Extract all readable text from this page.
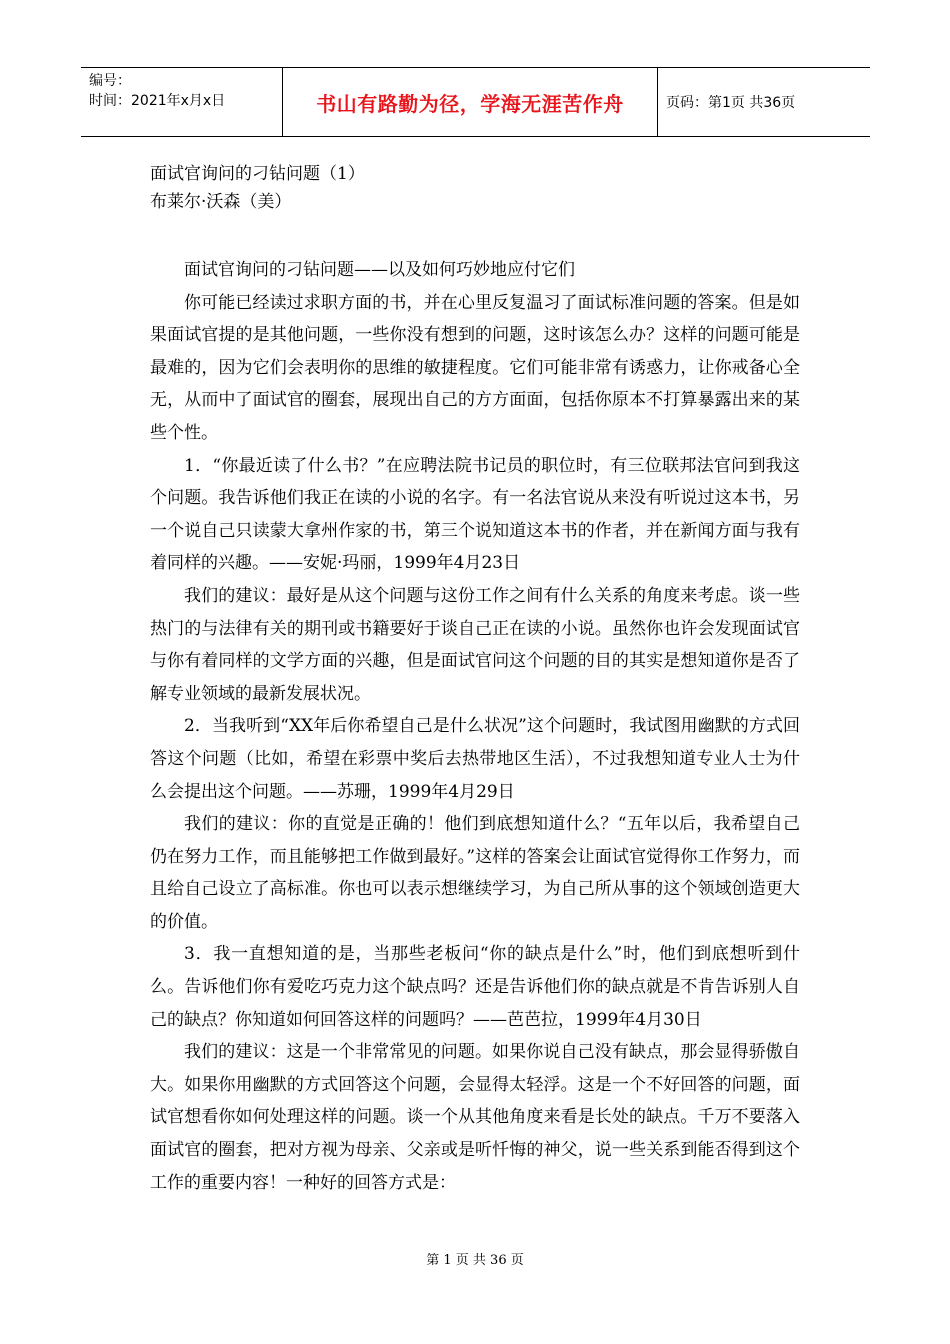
编号：
时间：2021年x月x日	书山有路勤为径，学海无涯苦作舟	页码：第1页 共36页

面试官询问的刁钻问题（1）

布莱尔·沃森（美）

面试官询问的刁钻问题——以及如何巧妙地应付它们

你可能已经读过求职方面的书，并在心里反复温习了面试标准问题的答案。但是如果面试官提的是其他问题，一些你没有想到的问题，这时该怎么办？这样的问题可能是最难的，因为它们会表明你的思维的敏捷程度。它们可能非常有诱惑力，让你戒备心全无，从而中了面试官的圈套，展现出自己的方方面面，包括你原本不打算暴露出来的某些个性。

1．“你最近读了什么书？”在应聘法院书记员的职位时，有三位联邦法官问到我这个问题。我告诉他们我正在读的小说的名字。有一名法官说从来没有听说过这本书，另一个说自己只读蒙大拿州作家的书，第三个说知道这本书的作者，并在新闻方面与我有着同样的兴趣。——安妮·玛丽，1999年4月23日

我们的建议：最好是从这个问题与这份工作之间有什么关系的角度来考虑。谈一些热门的与法律有关的期刊或书籍要好于谈自己正在读的小说。虽然你也许会发现面试官与你有着同样的文学方面的兴趣，但是面试官问这个问题的目的其实是想知道你是否了解专业领域的最新发展状况。

2．当我听到“XX年后你希望自己是什么状况”这个问题时，我试图用幽默的方式回答这个问题（比如，希望在彩票中奖后去热带地区生活），不过我想知道专业人士为什么会提出这个问题。——苏珊，1999年4月29日

我们的建议：你的直觉是正确的！他们到底想知道什么？“五年以后，我希望自己仍在努力工作，而且能够把工作做到最好。”这样的答案会让面试官觉得你工作努力，而且给自己设立了高标准。你也可以表示想继续学习，为自己所从事的这个领域创造更大的价值。

3．我一直想知道的是，当那些老板问“你的缺点是什么”时，他们到底想听到什么。告诉他们你有爱吃巧克力这个缺点吗？还是告诉他们你的缺点就是不肯告诉别人自己的缺点？你知道如何回答这样的问题吗？——芭芭拉，1999年4月30日

我们的建议：这是一个非常常见的问题。如果你说自己没有缺点，那会显得骄傲自大。如果你用幽默的方式回答这个问题，会显得太轻浮。这是一个不好回答的问题，面试官想看你如何处理这样的问题。谈一个从其他角度来看是长处的缺点。千万不要落入面试官的圈套，把对方视为母亲、父亲或是听忏悔的神父，说一些关系到能否得到这个工作的重要内容！一种好的回答方式是：

第 1 页 共 36 页
